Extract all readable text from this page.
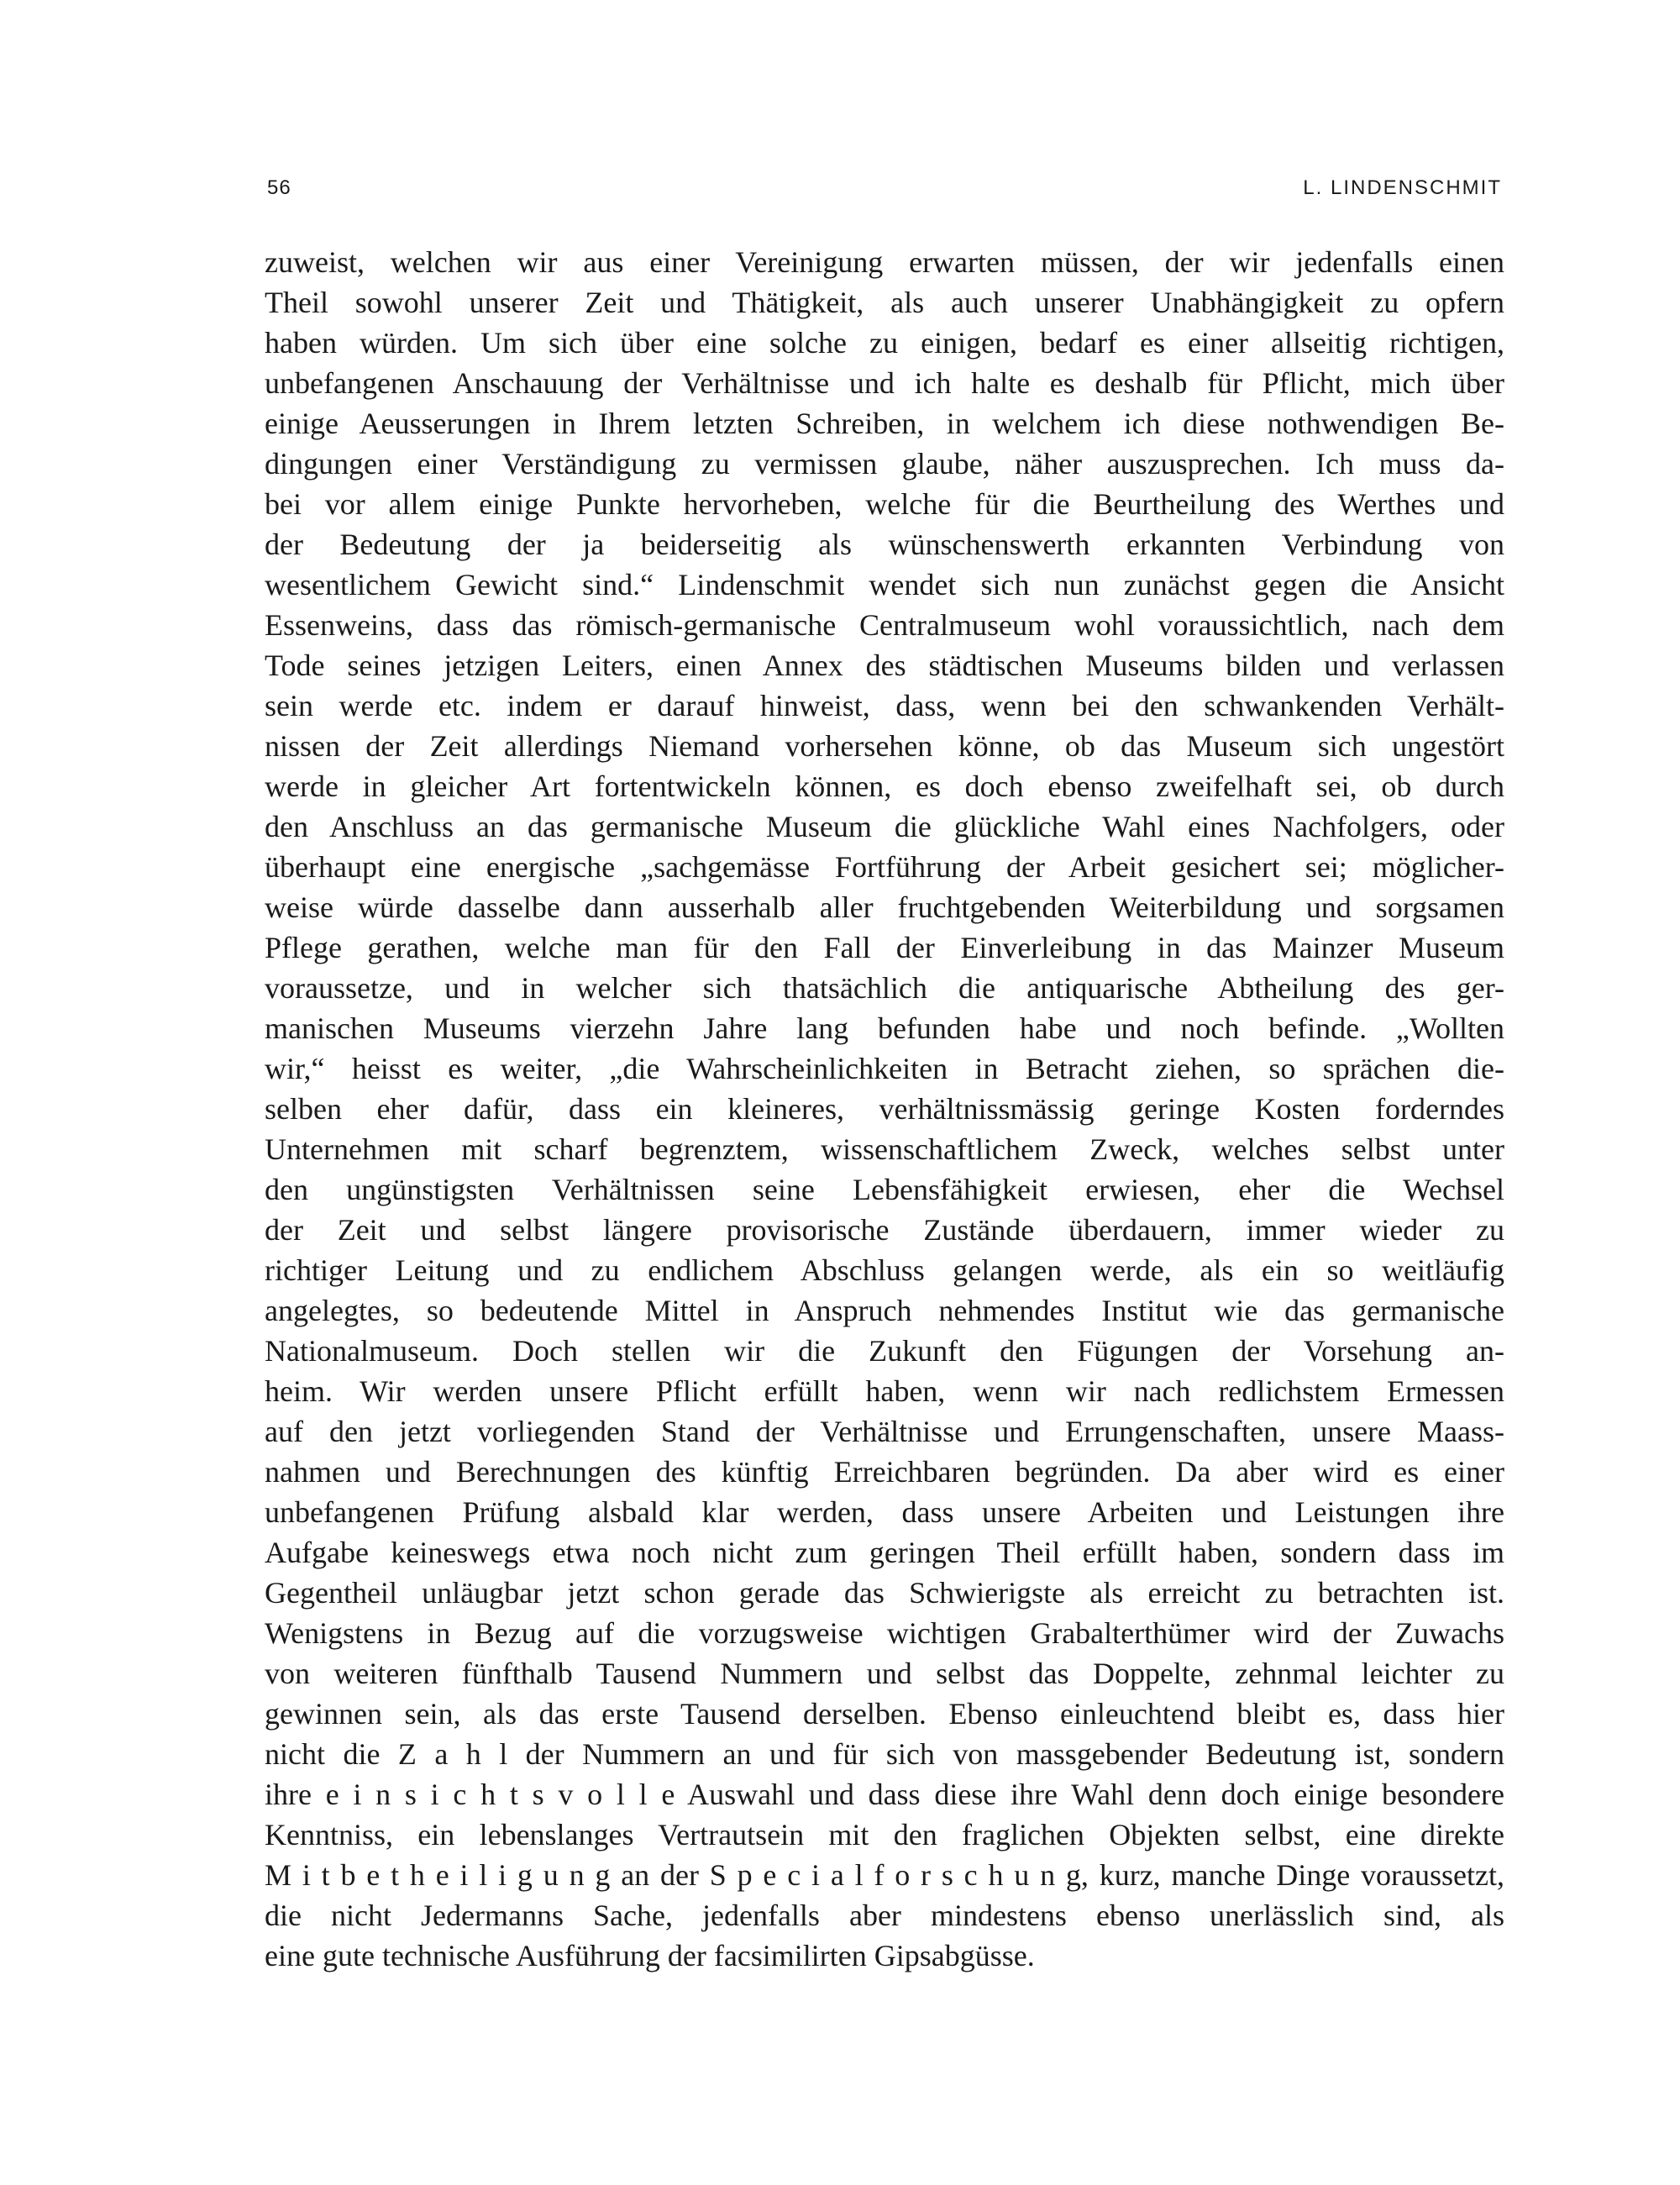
56	L. LINDENSCHMIT
zuweist, welchen wir aus einer Vereinigung erwarten müssen, der wir jedenfalls einen
Theil sowohl unserer Zeit und Thätigkeit, als auch unserer Unabhängigkeit zu opfern
haben würden. Um sich über eine solche zu einigen, bedarf es einer allseitig richtigen,
unbefangenen Anschauung der Verhältnisse und ich halte es deshalb für Pflicht, mich über
einige Aeusserungen in Ihrem letzten Schreiben, in welchem ich diese nothwendigen Be-
dingungen einer Verständigung zu vermissen glaube, näher auszusprechen. Ich muss da-
bei vor allem einige Punkte hervorheben, welche für die Beurtheilung des Werthes und
der Bedeutung der ja beiderseitig als wünschenswerth erkannten Verbindung von
wesentlichem Gewicht sind.“ Lindenschmit wendet sich nun zunächst gegen die Ansicht
Essenweins, dass das römisch-germanische Centralmuseum wohl voraussichtlich, nach dem
Tode seines jetzigen Leiters, einen Annex des städtischen Museums bilden und verlassen
sein werde etc. indem er darauf hinweist, dass, wenn bei den schwankenden Verhält-
nissen der Zeit allerdings Niemand vorhersehen könne, ob das Museum sich ungestört
werde in gleicher Art fortentwickeln können, es doch ebenso zweifelhaft sei, ob durch
den Anschluss an das germanische Museum die glückliche Wahl eines Nachfolgers, oder
überhaupt eine energische „sachgemässe Fortführung der Arbeit gesichert sei; möglicher-
weise würde dasselbe dann ausserhalb aller fruchtgebenden Weiterbildung und sorgsamen
Pflege gerathen, welche man für den Fall der Einverleibung in das Mainzer Museum
voraussetze, und in welcher sich thatsächlich die antiquarische Abtheilung des ger-
manischen Museums vierzehn Jahre lang befunden habe und noch befinde. „Wollten
wir,“ heisst es weiter, „die Wahrscheinlichkeiten in Betracht ziehen, so sprächen die-
selben eher dafür, dass ein kleineres, verhältnissmässig geringe Kosten forderndes
Unternehmen mit scharf begrenztem, wissenschaftlichem Zweck, welches selbst unter
den ungünstigsten Verhältnissen seine Lebensfähigkeit erwiesen, eher die Wechsel
der Zeit und selbst längere provisorische Zustände überdauern, immer wieder zu
richtiger Leitung und zu endlichem Abschluss gelangen werde, als ein so weitläufig
angelegtes, so bedeutende Mittel in Anspruch nehmendes Institut wie das germanische
Nationalmuseum. Doch stellen wir die Zukunft den Fügungen der Vorsehung an-
heim. Wir werden unsere Pflicht erfüllt haben, wenn wir nach redlichstem Ermessen
auf den jetzt vorliegenden Stand der Verhältnisse und Errungenschaften, unsere Maass-
nahmen und Berechnungen des künftig Erreichbaren begründen. Da aber wird es einer
unbefangenen Prüfung alsbald klar werden, dass unsere Arbeiten und Leistungen ihre
Aufgabe keineswegs etwa noch nicht zum geringen Theil erfüllt haben, sondern dass im
Gegentheil unläugbar jetzt schon gerade das Schwierigste als erreicht zu betrachten ist.
Wenigstens in Bezug auf die vorzugsweise wichtigen Grabalterthümer wird der Zuwachs
von weiteren fünfthalb Tausend Nummern und selbst das Doppelte, zehnmal leichter zu
gewinnen sein, als das erste Tausend derselben. Ebenso einleuchtend bleibt es, dass hier
nicht die Z a h l der Nummern an und für sich von massgebender Bedeutung ist, sondern
ihre e i n s i c h t s v o l l e Auswahl und dass diese ihre Wahl denn doch einige besondere
Kenntniss, ein lebenslanges Vertrautsein mit den fraglichen Objekten selbst, eine direkte
M i t b e t h e i l i g u n g an der S p e c i a l f o r s c h u n g, kurz, manche Dinge voraussetzt,
die nicht Jedermanns Sache, jedenfalls aber mindestens ebenso unerlässlich sind, als
eine gute technische Ausführung der facsimilirten Gipsabgüsse.
